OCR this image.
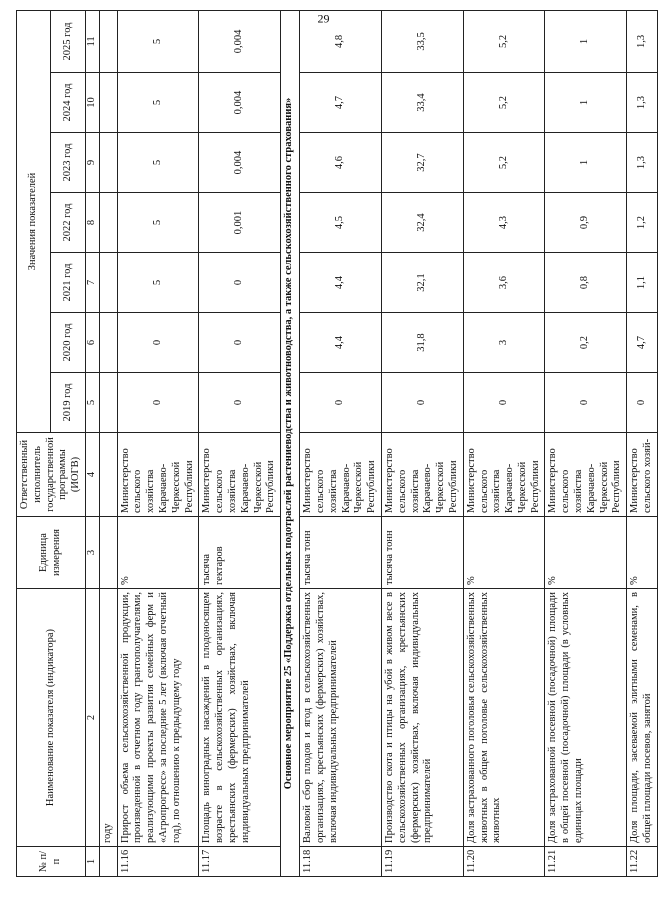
№ п/п	Наименование показателя (индикатора)	Единица измерения	Ответственный исполнитель государственной программы (ИОГВ)	Значения показателей						
				2019 год	2020 год	2021 год	2022 год	2023 год	2024 год	2025 год
1	2	3	4	5	6	7	8	9	10	11
	году									
11.16	Прирост объема сельскохозяйственной продукции, произведенной в отчетном году грантополучателями, реализующими проекты развития семейных ферм и «Агропрогресс» за последние 5 лет (включая отчетный год), по отношению к предыдущему году	%	Министерство сельского хозяйства Карачаево-Черкесской Республики	0	0	5	5	5	5	5
11.17	Площадь виноградных насаждений в плодоносящем возрасте в сельскохозяйственных организациях, крестьянских (фермерских) хозяйствах, включая индивидуальных предпринимателей	тысяча гектаров	Министерство сельского хозяйства Карачаево-Черкесской Республики	0	0	0	0,001	0,004	0,004	0,004
Основное мероприятие 25 «Поддержка отдельных подотраслей растениеводства и животноводства, а также сельскохозяйственного страхования»										
11.18	Валовой сбор плодов и ягод в сельскохозяйственных организациях, крестьянских (фермерских) хозяйствах, включая индивидуальных предпринимателей	тысяча тонн	Министерство сельского хозяйства Карачаево-Черкесской Республики	0	4,4	4,4	4,5	4,6	4,7	4,8
11.19	Производство скота и птицы на убой в живом весе в сельскохозяйственных организациях, крестьянских (фермерских) хозяйствах, включая индивидуальных предпринимателей	тысяча тонн	Министерство сельского хозяйства Карачаево-Черкесской Республики	0	31,8	32,1	32,4	32,7	33,4	33,5
11.20	Доля застрахованного поголовья сельскохозяйственных животных в общем поголовье сельскохозяйственных животных	%	Министерство сельского хозяйства Карачаево-Черкесской Республики	0	3	3,6	4,3	5,2	5,2	5,2
11.21	Доля застрахованной посевной (посадочной) площади в общей посевной (посадочной) площади (в условных единицах площади	%	Министерство сельского хозяйства Карачаево-Черкесской Республики	0	0,2	0,8	0,9	1	1	1
11.22	Доля площади, засеваемой элитными семенами, в общей площади посевов, занятой	%	Министерство сельского хозяй-	0	4,7	1,1	1,2	1,3	1,3	1,3
29
